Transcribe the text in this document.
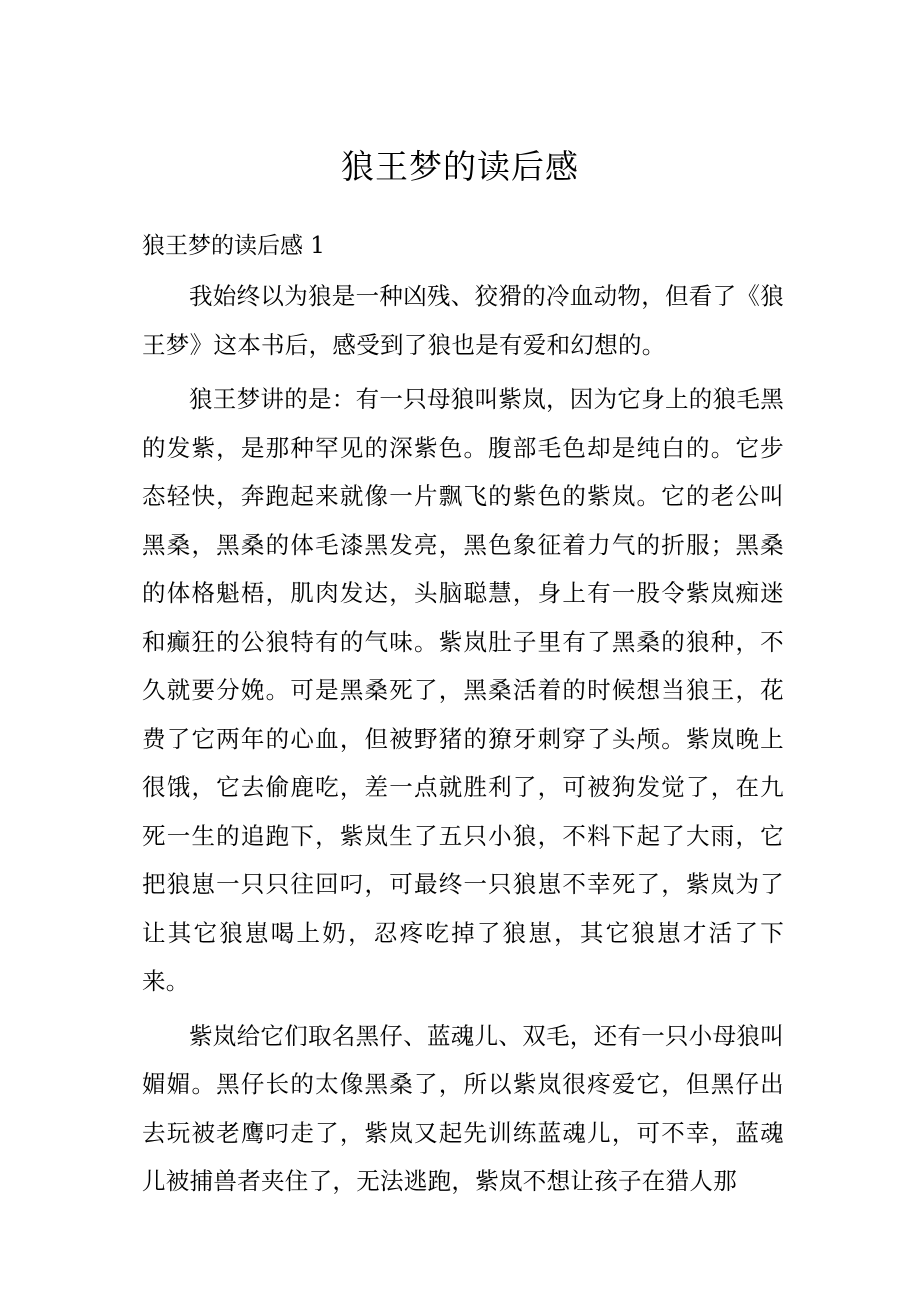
狼王梦的读后感
狼王梦的读后感 1

我始终以为狼是一种凶残、狡猾的冷血动物，但看了《狼王梦》这本书后，感受到了狼也是有爱和幻想的。

狼王梦讲的是：有一只母狼叫紫岚，因为它身上的狼毛黑的发紫，是那种罕见的深紫色。腹部毛色却是纯白的。它步态轻快，奔跑起来就像一片飘飞的紫色的紫岚。它的老公叫黑桑，黑桑的体毛漆黑发亮，黑色象征着力气的折服；黑桑的体格魁梧，肌肉发达，头脑聪慧，身上有一股令紫岚痴迷和癫狂的公狼特有的气味。紫岚肚子里有了黑桑的狼种，不久就要分娩。可是黑桑死了，黑桑活着的时候想当狼王，花费了它两年的心血，但被野猪的獠牙刺穿了头颅。紫岚晚上很饿，它去偷鹿吃，差一点就胜利了，可被狗发觉了，在九死一生的追跑下，紫岚生了五只小狼，不料下起了大雨，它把狼崽一只只往回叼，可最终一只狼崽不幸死了，紫岚为了让其它狼崽喝上奶，忍疼吃掉了狼崽，其它狼崽才活了下来。

紫岚给它们取名黑仔、蓝魂儿、双毛，还有一只小母狼叫媚媚。黑仔长的太像黑桑了，所以紫岚很疼爱它，但黑仔出去玩被老鹰叼走了，紫岚又起先训练蓝魂儿，可不幸，蓝魂儿被捕兽者夹住了，无法逃跑，紫岚不想让孩子在猎人那
